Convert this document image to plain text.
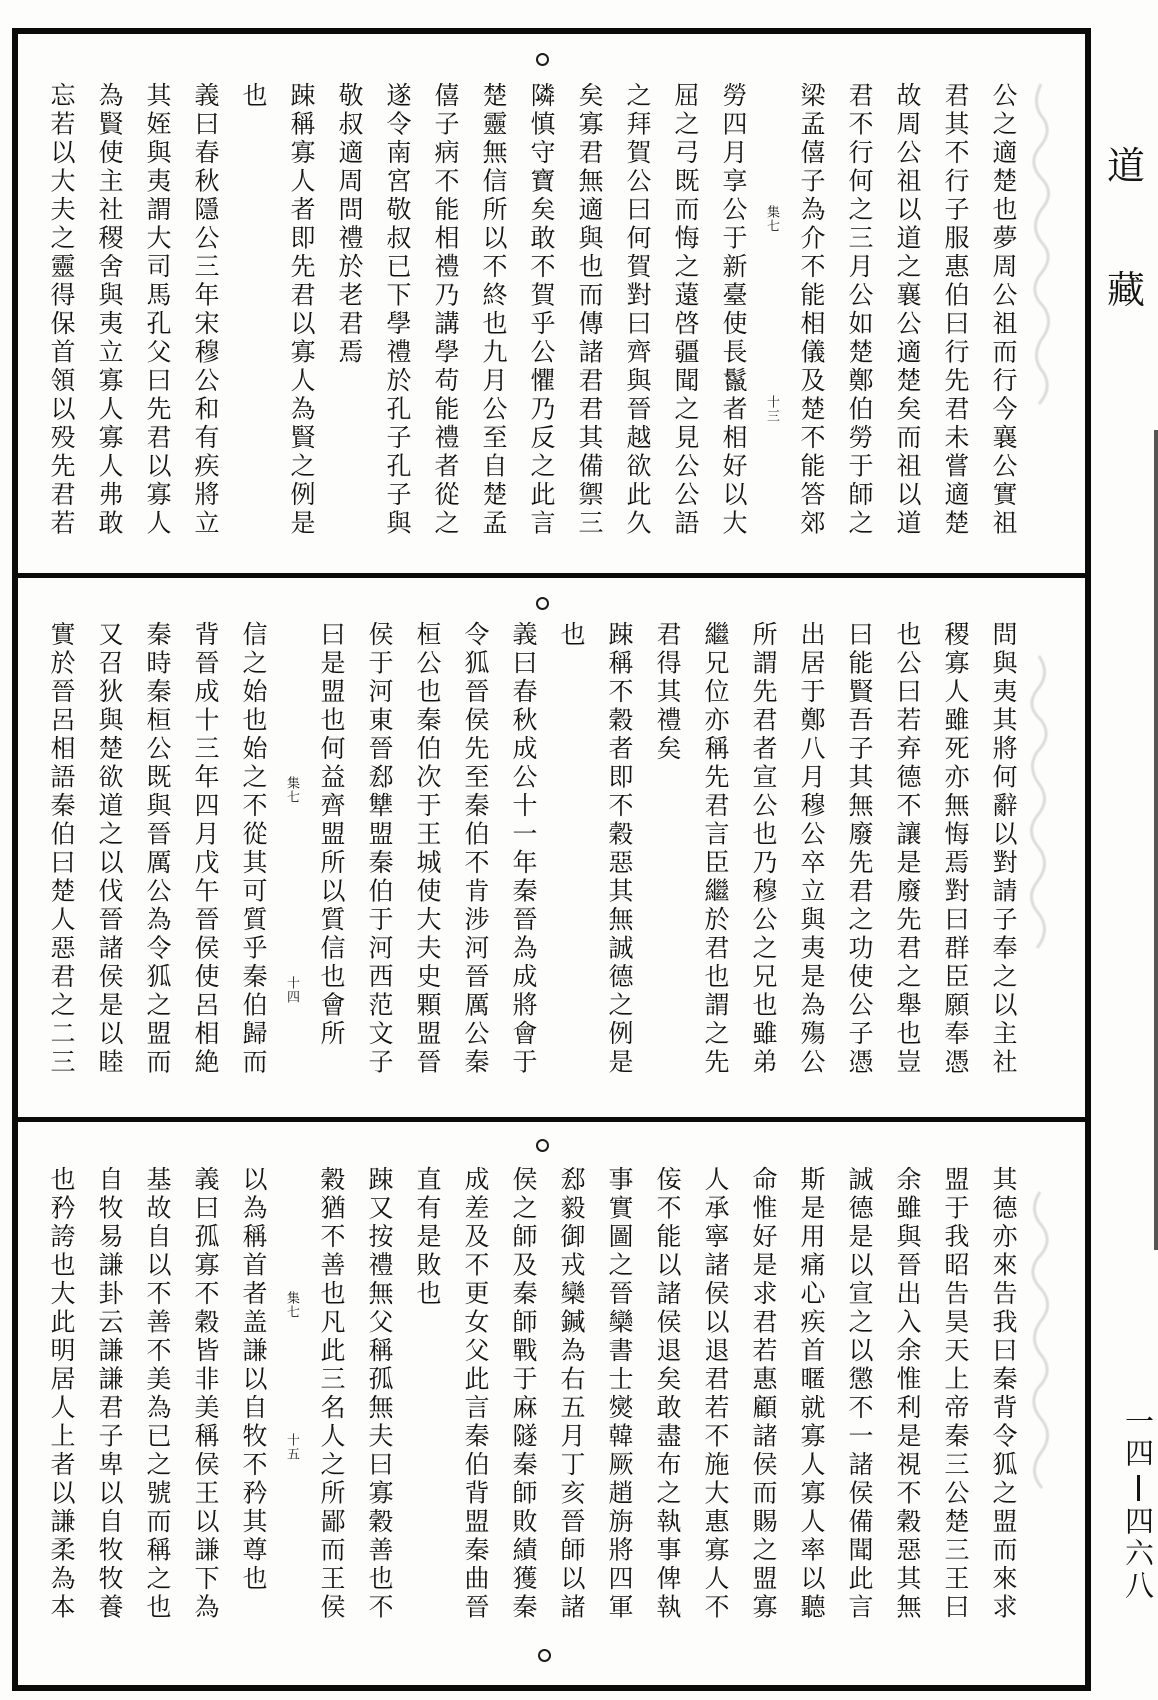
公之適楚也夢周公祖而行今襄公實祖
君其不行子服惠伯曰行先君未嘗適楚
故周公祖以道之襄公適楚矣而祖以道
君不行何之三月公如楚鄭伯勞于師之
梁孟僖子為介不能相儀及楚不能答郊
集七
十三
勞四月享公于新臺使長鬣者相好以大
屈之弓既而悔之薳啓疆聞之見公公語
之拜賀公曰何賀對曰齊與晉越欲此久
矣寡君無適與也而傳諸君君其備禦三
隣慎守寶矣敢不賀乎公懼乃反之此言
楚靈無信所以不終也九月公至自楚孟
僖子病不能相禮乃講學苟能禮者從之
遂令南宮敬叔已下學禮於孔子孔子與
敬叔適周問禮於老君焉
踈稱寡人者即先君以寡人為賢之例是
也
義曰春秋隱公三年宋穆公和有疾將立
其姪與夷謂大司馬孔父曰先君以寡人
為賢使主社稷舍與夷立寡人寡人弗敢
忘若以大夫之靈得保首領以殁先君若
問與夷其將何辭以對請子奉之以主社
稷寡人雖死亦無悔焉對曰群臣願奉憑
也公曰若弃德不讓是廢先君之舉也豈
曰能賢吾子其無廢先君之功使公子憑
出居于鄭八月穆公卒立與夷是為殤公
所謂先君者宣公也乃穆公之兄也雖弟
繼兄位亦稱先君言臣繼於君也謂之先
君得其禮矣
踈稱不穀者即不穀惡其無誠德之例是
也
義曰春秋成公十一年秦晉為成將會于
令狐晉侯先至秦伯不肯涉河晉厲公秦
桓公也秦伯次于王城使大夫史顆盟晉
侯于河東晉郄犨盟秦伯于河西范文子
曰是盟也何益齊盟所以質信也會所
集七
十四
信之始也始之不從其可質乎秦伯歸而
背晉成十三年四月戊午晉侯使呂相絶
秦時秦桓公既與晉厲公為令狐之盟而
又召狄與楚欲道之以伐晉諸侯是以睦
實於晉呂相語秦伯曰楚人惡君之二三
其德亦來告我曰秦背令狐之盟而來求
盟于我昭告昊天上帝秦三公楚三王曰
余雖與晉出入余惟利是視不穀惡其無
誠德是以宣之以懲不一諸侯備聞此言
斯是用痛心疾首暱就寡人寡人率以聽
命惟好是求君若惠顧諸侯而賜之盟寡
人承寧諸侯以退君若不施大惠寡人不
侫不能以諸侯退矣敢盡布之執事俾執
事實圖之晉欒書士爕韓厥趙旃將四軍
郄毅御戎欒鍼為右五月丁亥晉師以諸
侯之師及秦師戰于麻隧秦師敗績獲秦
成差及不更女父此言秦伯背盟秦曲晉
直有是敗也
踈又按禮無父稱孤無夫曰寡穀善也不
穀猶不善也凡此三名人之所鄙而王侯
集七
十五
以為稱首者盖謙以自牧不矜其尊也
義曰孤寡不穀皆非美稱侯王以謙下為
基故自以不善不美為已之號而稱之也
自牧易謙卦云謙謙君子卑以自牧牧養
也矜誇也大此明居人上者以謙柔為本
道
藏
一四
四六八
